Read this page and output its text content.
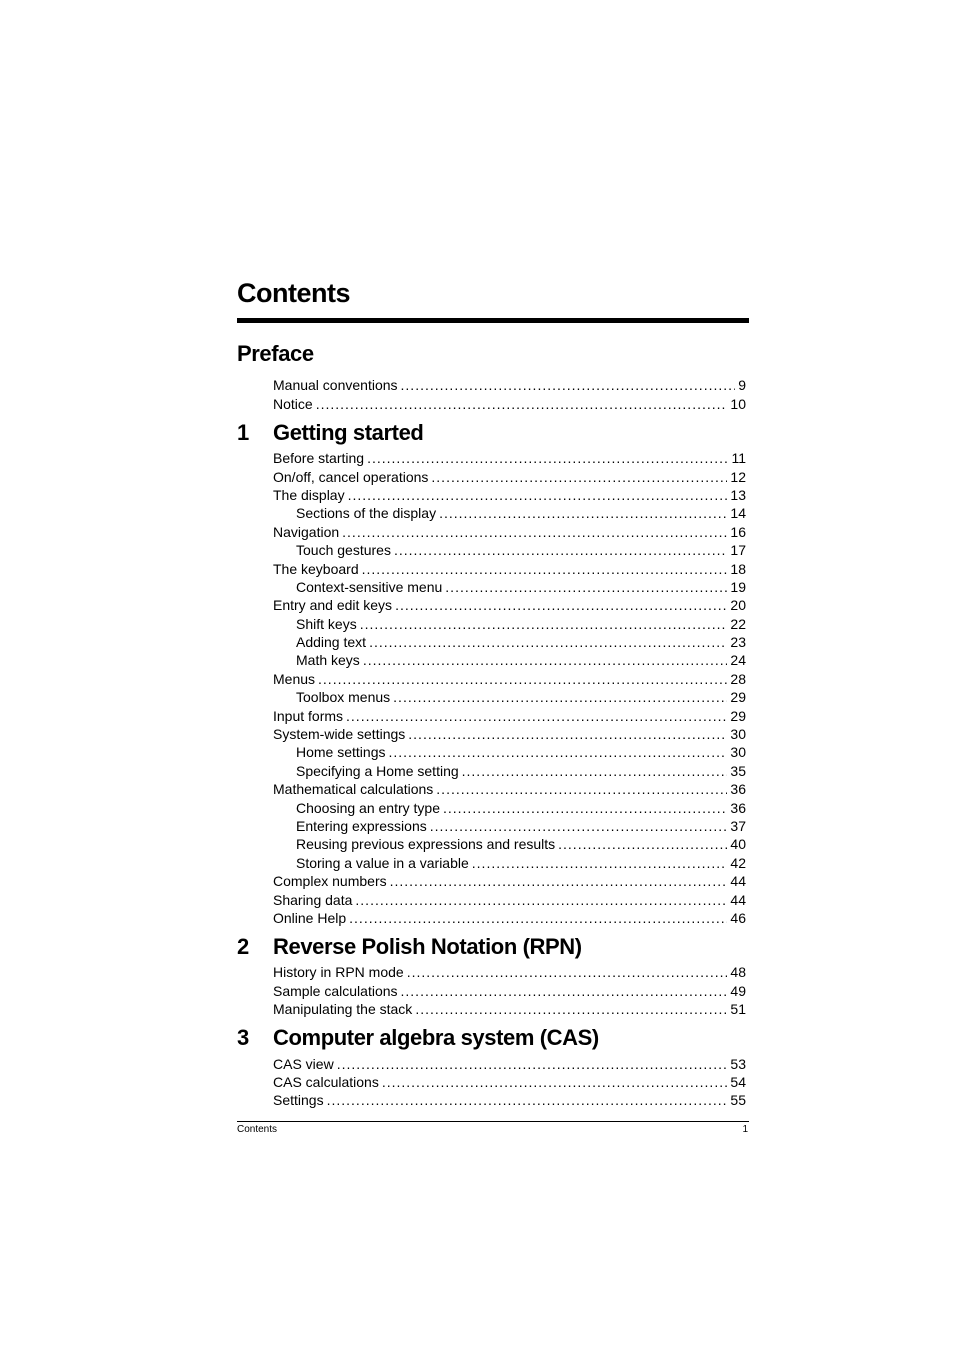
Contents
Preface
Manual conventions .....	9
Notice .....	10
1	Getting started
Before starting .....	11
On/off, cancel operations .....	12
The display .....	13
Sections of the display .....	14
Navigation .....	16
Touch gestures .....	17
The keyboard .....	18
Context-sensitive menu .....	19
Entry and edit keys .....	20
Shift keys .....	22
Adding text .....	23
Math keys .....	24
Menus .....	28
Toolbox menus .....	29
Input forms .....	29
System-wide settings .....	30
Home settings .....	30
Specifying a Home setting .....	35
Mathematical calculations .....	36
Choosing an entry type .....	36
Entering expressions .....	37
Reusing previous expressions and results .....	40
Storing a value in a variable .....	42
Complex numbers .....	44
Sharing data .....	44
Online Help .....	46
2	Reverse Polish Notation (RPN)
History in RPN mode .....	48
Sample calculations .....	49
Manipulating the stack .....	51
3	Computer algebra system (CAS)
CAS view .....	53
CAS calculations .....	54
Settings .....	55
Contents	1
